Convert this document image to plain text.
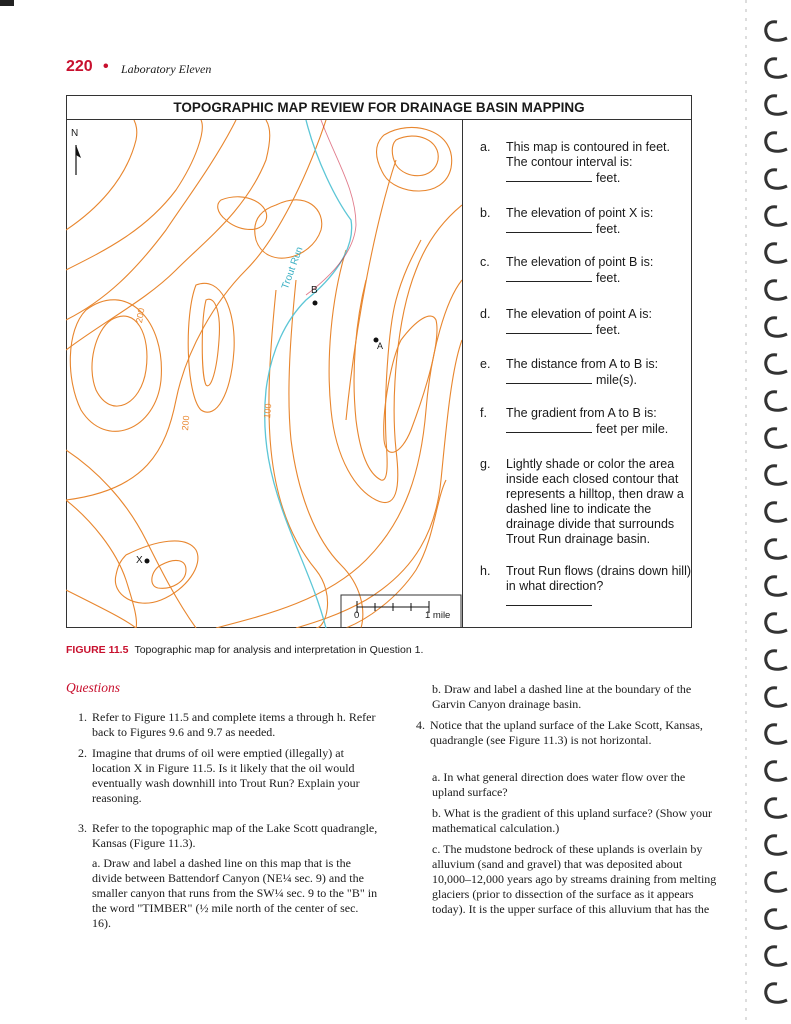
220 • Laboratory Eleven
TOPOGRAPHIC MAP REVIEW FOR DRAINAGE BASIN MAPPING
N
Trout Run B
A
X
200
200
100
0	1 mile
a. This map is contoured in feet. The contour interval is:
feet.
b. The elevation of point X is:
feet.
c. The elevation of point B is:
feet.
d. The elevation of point A is:
feet.
e. The distance from A to B is:
mile(s).
f. The gradient from A to B is:
feet per mile.
g. Lightly shade or color the area inside each closed contour that represents a hilltop, then draw a dashed line to indicate the drainage divide that surrounds Trout Run drainage basin.
h. Trout Run flows (drains down hill) in what direction?

FIGURE 11.5 Topographic map for analysis and interpretation in Question 1.
Questions
1. Refer to Figure 11.5 and complete items a through h. Refer back to Figures 9.6 and 9.7 as needed.
2. Imagine that drums of oil were emptied (illegally) at location X in Figure 11.5. Is it likely that the oil would eventually wash downhill into Trout Run? Explain your reasoning.
3. Refer to the topographic map of the Lake Scott quadrangle, Kansas (Figure 11.3).
a. Draw and label a dashed line on this map that is the divide between Battendorf Canyon (NE¼ sec. 9) and the smaller canyon that runs from the SW¼ sec. 9 to the "B" in the word "TIMBER" (½ mile north of the center of sec. 16).
b. Draw and label a dashed line at the boundary of the Garvin Canyon drainage basin.
4. Notice that the upland surface of the Lake Scott, Kansas, quadrangle (see Figure 11.3) is not horizontal.
a. In what general direction does water flow over the upland surface?
b. What is the gradient of this upland surface? (Show your mathematical calculation.)
c. The mudstone bedrock of these uplands is overlain by alluvium (sand and gravel) that was deposited about 10,000–12,000 years ago by streams draining from melting glaciers (prior to dissection of the surface as it appears today). It is the upper surface of this alluvium that has the
